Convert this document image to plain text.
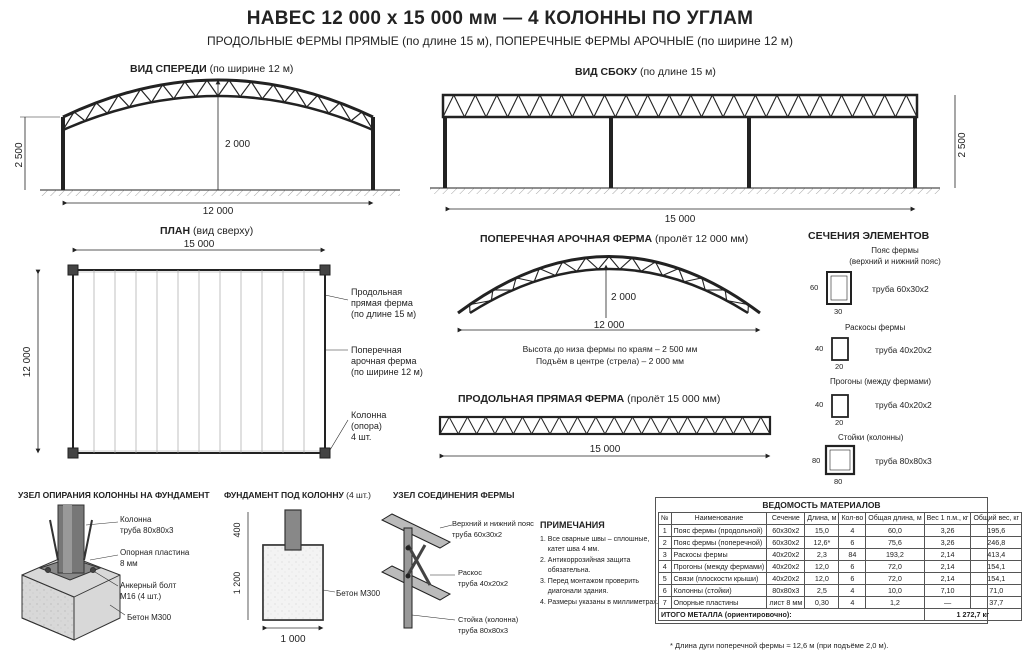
НАВЕС 12 000 х 15 000 мм — 4 КОЛОННЫ ПО УГЛАМ
ПРОДОЛЬНЫЕ ФЕРМЫ ПРЯМЫЕ (по длине 15 м), ПОПЕРЕЧНЫЕ ФЕРМЫ АРОЧНЫЕ (по ширине 12 м)
2 000
2 500
12 000
15 000
2 500
15 000
12 000
2 000
12 000
15 000
400
1 200
1 000
ВИД СПЕРЕДИ (по ширине 12 м)	ВИД СБОКУ (по длине 15 м)
ПЛАН (вид сверху)
ПОПЕРЕЧНАЯ АРОЧНАЯ ФЕРМА (пролёт 12 000 мм)
ПРОДОЛЬНАЯ ПРЯМАЯ ФЕРМА (пролёт 15 000 мм)
СЕЧЕНИЯ ЭЛЕМЕНТОВ
УЗЕЛ ОПИРАНИЯ КОЛОННЫ НА ФУНДАМЕНТ ФУНДАМЕНТ ПОД КОЛОННУ (4 шт.)	УЗЕЛ СОЕДИНЕНИЯ ФЕРМЫ
Продольная
прямая ферма
(по длине 15 м)
Поперечная
арочная ферма
(по ширине 12 м)
Колонна
(опора)
4 шт.
Высота до низа фермы по краям – 2 500 мм
Подъём в центре (стрела) – 2 000 мм
Пояс фермы
(верхний и нижний пояс)
труба 60х30х2
60
30
Раскосы фермы
труба 40х20х2
40
20
Прогоны (между фермами)
труба 40х20х2
40
20
Стойки (колонны)
труба 80х80х3
80
80
Колонна
труба 80х80х3
Опорная пластина
8 мм
Анкерный болт
М16 (4 шт.)
Бетон М300
Бетон М300
Верхний и нижний пояс
труба 60х30х2
Раскос
труба 40х20х2
Стойка (колонна)
труба 80х80х3
ПРИМЕЧАНИЯ
1. Все сварные швы – сплошные,
катет шва 4 мм.
2. Антикоррозийная защита
обязательна.
3. Перед монтажом проверить
диагонали здания.
4. Размеры указаны в миллиметрах.
ВЕДОМОСТЬ МАТЕРИАЛОВ
№	Наименование	Сечение	Длина, м	Кол-во	Общая длина, м	Вес 1 п.м., кг	Общий вес, кг
1	Пояс фермы (продольной)	60х30х2	15,0	4	60,0	3,26	195,6
2	Пояс фермы (поперечной)	60х30х2	12,6*	6	75,6	3,26	246,8
3	Раскосы фермы	40х20х2	2,3	84	193,2	2,14	413,4
4	Прогоны (между фермами)	40х20х2	12,0	6	72,0	2,14	154,1
5	Связи (плоскости крыши)	40х20х2	12,0	6	72,0	2,14	154,1
6	Колонны (стойки)	80х80х3	2,5	4	10,0	7,10	71,0
7	Опорные пластины	лист 8 мм	0,30	4	1,2	—	37,7
ИТОГО МЕТАЛЛА (ориентировочно):						1 272,7 кг	
* Длина дуги поперечной фермы ≈ 12,6 м (при подъёме 2,0 м).
